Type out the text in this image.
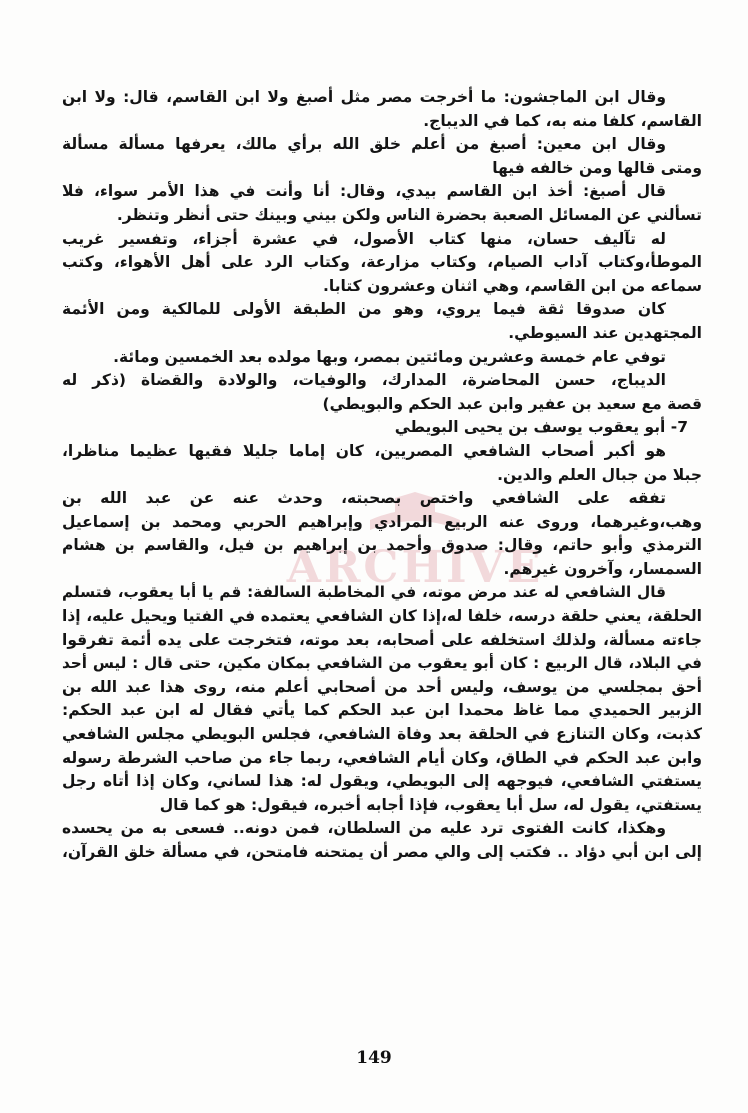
ARCHIVE
وقال ابن الماجشون: ما أخرجت مصر مثل أصبغ ولا ابن القاسم، قال: ولا ابن
القاسم، كلفا منه به، كما في الديباج.
وقال ابن معين: أصبغ من أعلم خلق الله برأي مالك، يعرفها مسألة مسألة
ومتى قالها ومن خالفه فيها
قال أصبغ: أخذ ابن القاسم بيدي، وقال: أنا وأنت في هذا الأمر سواء، فلا
تسألني عن المسائل الصعبة بحضرة الناس ولكن بيني وبينك حتى أنظر وتنظر.
له تآليف حسان، منها كتاب الأصول، في عشرة أجزاء، وتفسير غريب
الموطأ،وكتاب آداب الصيام، وكتاب مزارعة، وكتاب الرد على أهل الأهواء، وكتب
سماعه من ابن القاسم، وهي اثنان وعشرون كتابا.
كان صدوقا ثقة فيما يروي، وهو من الطبقة الأولى للمالكية ومن الأئمة
المجتهدين عند السيوطي.
توفي عام خمسة وعشرين ومائتين بمصر، وبها مولده بعد الخمسين ومائة.
الديباج، حسن المحاضرة، المدارك، والوفيات، والولادة والقضاة (ذكر له
قصة مع سعيد بن عفير وابن عبد الحكم والبويطي)
7- أبو يعقوب يوسف بن يحيى البويطي
هو أكبر أصحاب الشافعي المصريين، كان إماما جليلا فقيها عظيما مناظرا،
جبلا من جبال العلم والدين.
تفقه على الشافعي واختص بصحبته، وحدث عنه عن عبد الله بن
وهب،وغيرهما، وروى عنه الربيع المرادي وإبراهيم الحربي ومحمد بن إسماعيل
الترمذي وأبو حاتم، وقال: صدوق وأحمد بن إبراهيم بن فيل، والقاسم بن هشام
السمسار، وآخرون غيرهم.
قال الشافعي له عند مرض موته، في المخاطبة السالفة: قم يا أبا يعقوب، فتسلم
الحلقة، يعني حلقة درسه، خلفا له،إذا كان الشافعي يعتمده في الفتيا ويحيل عليه، إذا
جاءته مسألة، ولذلك استخلفه على أصحابه، بعد موته، فتخرجت على يده أئمة تفرقوا
في البلاد، قال الربيع : كان أبو يعقوب من الشافعي بمكان مكين، حتى قال : ليس أحد
أحق بمجلسي من يوسف، وليس أحد من أصحابي أعلم منه، روى هذا عبد الله بن
الزبير الحميدي مما غاظ محمدا ابن عبد الحكم كما يأتي فقال له ابن عبد الحكم:
كذبت، وكان التنازع في الحلقة بعد وفاة الشافعي، فجلس البويطي مجلس الشافعي
وابن عبد الحكم في الطاق، وكان أيام الشافعي، ربما جاء من صاحب الشرطة رسوله
يستفتي الشافعي، فيوجهه إلى البويطي، ويقول له: هذا لساني، وكان إذا أتاه رجل
يستفتي، يقول له، سل أبا يعقوب، فإذا أجابه أخبره، فيقول: هو كما قال
وهكذا، كانت الفتوى ترد عليه من السلطان، فمن دونه.. فسعى به من يحسده
إلى ابن أبي دؤاد .. فكتب إلى والي مصر أن يمتحنه فامتحن، في مسألة خلق القرآن،
149
